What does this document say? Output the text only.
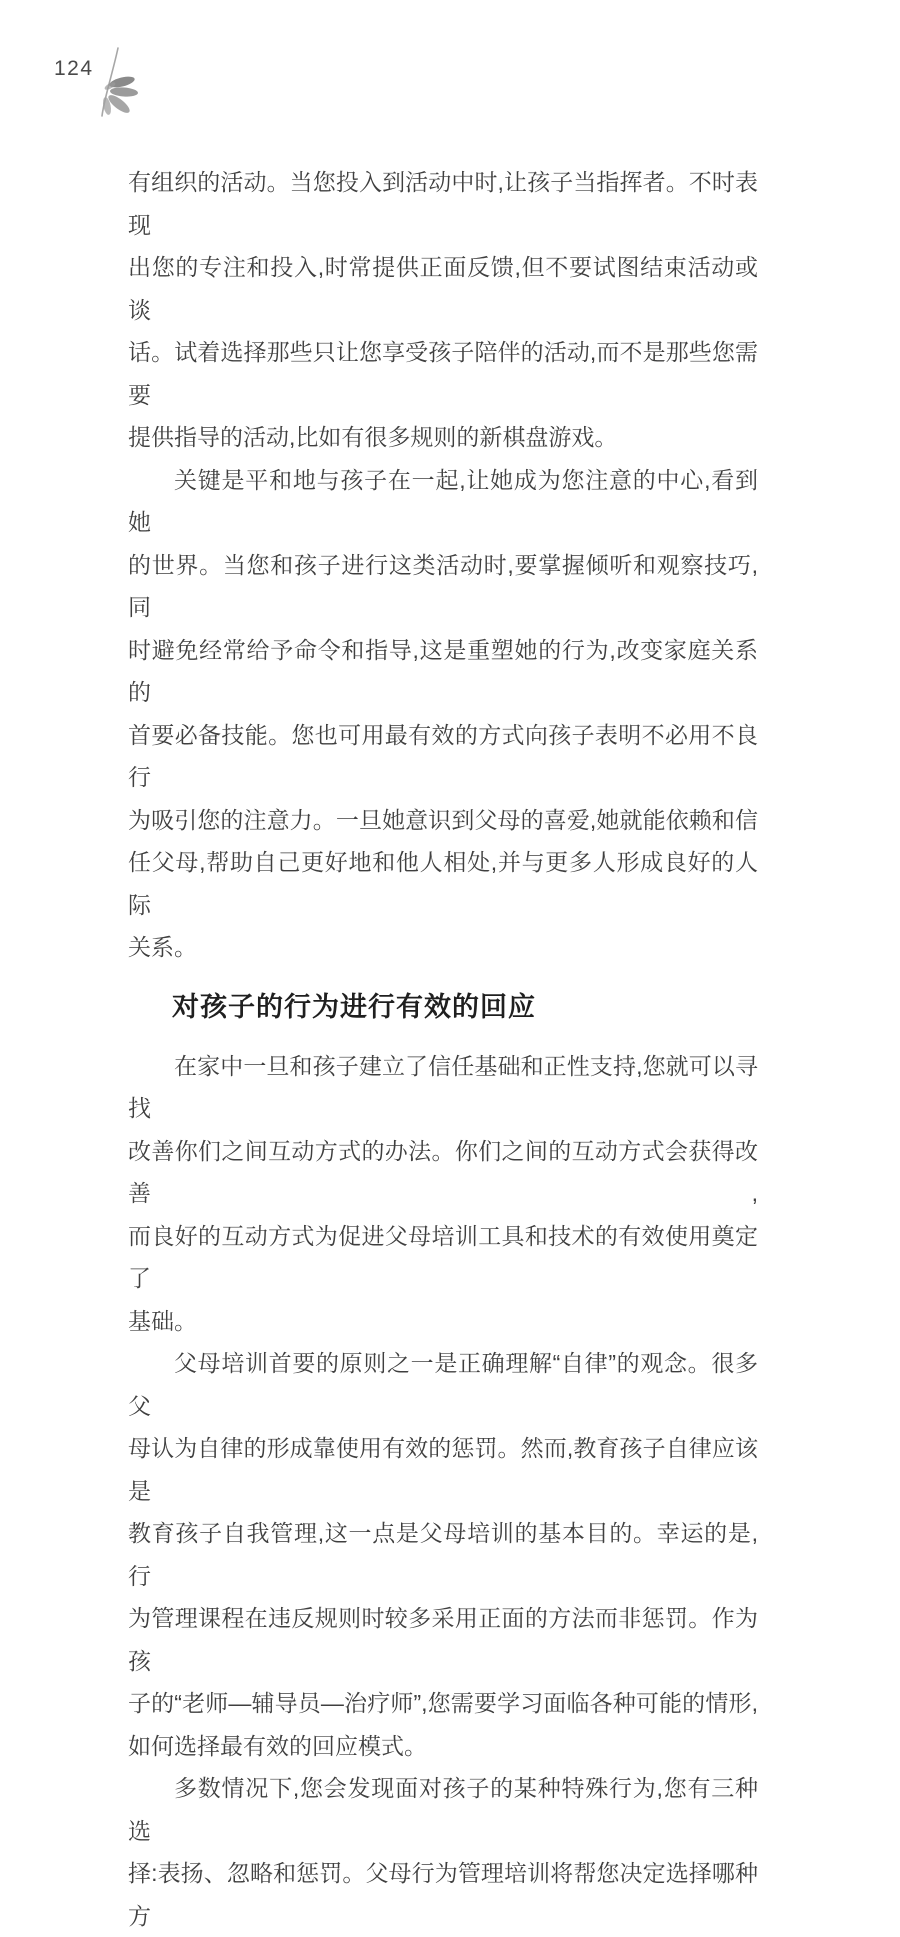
124
有组织的活动。当您投入到活动中时,让孩子当指挥者。不时表现
出您的专注和投入,时常提供正面反馈,但不要试图结束活动或谈
话。试着选择那些只让您享受孩子陪伴的活动,而不是那些您需要
提供指导的活动,比如有很多规则的新棋盘游戏。
关键是平和地与孩子在一起,让她成为您注意的中心,看到她
的世界。当您和孩子进行这类活动时,要掌握倾听和观察技巧,同
时避免经常给予命令和指导,这是重塑她的行为,改变家庭关系的
首要必备技能。您也可用最有效的方式向孩子表明不必用不良行
为吸引您的注意力。一旦她意识到父母的喜爱,她就能依赖和信
任父母,帮助自己更好地和他人相处,并与更多人形成良好的人际
关系。
对孩子的行为进行有效的回应
在家中一旦和孩子建立了信任基础和正性支持,您就可以寻找
改善你们之间互动方式的办法。你们之间的互动方式会获得改善,
而良好的互动方式为促进父母培训工具和技术的有效使用奠定了
基础。
父母培训首要的原则之一是正确理解“自律”的观念。很多父
母认为自律的形成靠使用有效的惩罚。然而,教育孩子自律应该是
教育孩子自我管理,这一点是父母培训的基本目的。幸运的是,行
为管理课程在违反规则时较多采用正面的方法而非惩罚。作为孩
子的“老师—辅导员—治疗师”,您需要学习面临各种可能的情形,
如何选择最有效的回应模式。
多数情况下,您会发现面对孩子的某种特殊行为,您有三种选
择:表扬、忽略和惩罚。父母行为管理培训将帮您决定选择哪种方
